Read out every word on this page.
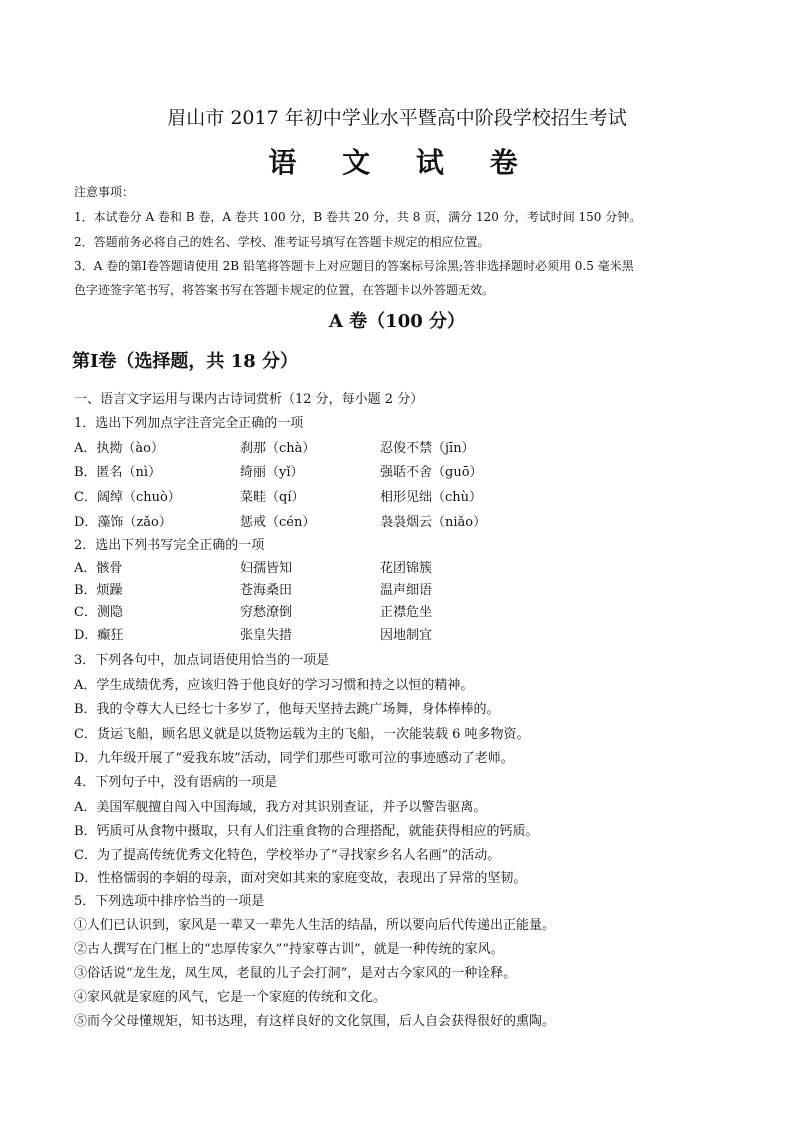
眉山市 2017 年初中学业水平暨高中阶段学校招生考试
语 文 试 卷
注意事项：
1．本试卷分 A 卷和 B 卷，A 卷共 100 分，B 卷共 20 分，共 8 页，满分 120 分，考试时间 150 分钟。
2．答题前务必将自己的姓名、学校、准考证号填写在答题卡规定的相应位置。
3．A 卷的第Ⅰ卷答题请使用 2B 铅笔将答题卡上对应题目的答案标号涂黑;答非选择题时必须用 0.5 毫米黑
色字迹签字笔书写，将答案书写在答题卡规定的位置，在答题卡以外答题无效。
A 卷（100 分）
第Ⅰ卷（选择题，共 18 分）
一、语言文字运用与课内古诗词赏析（12 分，每小题 2 分）
1．选出下列加点字注音完全正确的一项
A．执拗（ào）	刹那（chà）	忍俊不禁（jīn）
B．匿名（nì）	绮丽（yǐ）	强聒不舍（guō）
C．阔绰（chuò）	菜畦（qí）	相形见绌（chù）
D．藻饰（zǎo）	惩戒（cén）	袅袅烟云（niǎo）
2．选出下列书写完全正确的一项
A．骸骨	妇孺皆知	花团锦簇
B．烦躁	苍海桑田	温声细语
C．测隐	穷愁潦倒	正襟危坐
D．癫狂	张皇失措	因地制宜
3．下列各句中，加点词语使用恰当的一项是
A．学生成绩优秀，应该归咎于他良好的学习习惯和持之以恒的精神。
B．我的令尊大人已经七十多岁了，他每天坚持去跳广场舞，身体棒棒的。
C．货运飞船，顾名思义就是以货物运载为主的飞船，一次能装载 6 吨多物资。
D．九年级开展了“爱我东坡”活动，同学们那些可歌可泣的事迹感动了老师。
4．下列句子中，没有语病的一项是
A．美国军舰擅自闯入中国海域，我方对其识别查证，并予以警告驱离。
B．钙质可从食物中摄取，只有人们注重食物的合理搭配，就能获得相应的钙质。
C．为了提高传统优秀文化特色，学校举办了“寻找家乡名人名画”的活动。
D．性格懦弱的李娟的母亲，面对突如其来的家庭变故，表现出了异常的坚韧。
5．下列选项中排序恰当的一项是
①人们已认识到，家风是一辈又一辈先人生活的结晶，所以要向后代传递出正能量。
②古人撰写在门框上的“忠厚传家久”“持家尊古训”，就是一种传统的家风。
③俗话说“龙生龙，凤生凤，老鼠的儿子会打洞”，是对古今家风的一种诠释。
④家风就是家庭的风气，它是一个家庭的传统和文化。
⑤而今父母懂规矩，知书达理，有这样良好的文化氛围，后人自会获得很好的熏陶。
